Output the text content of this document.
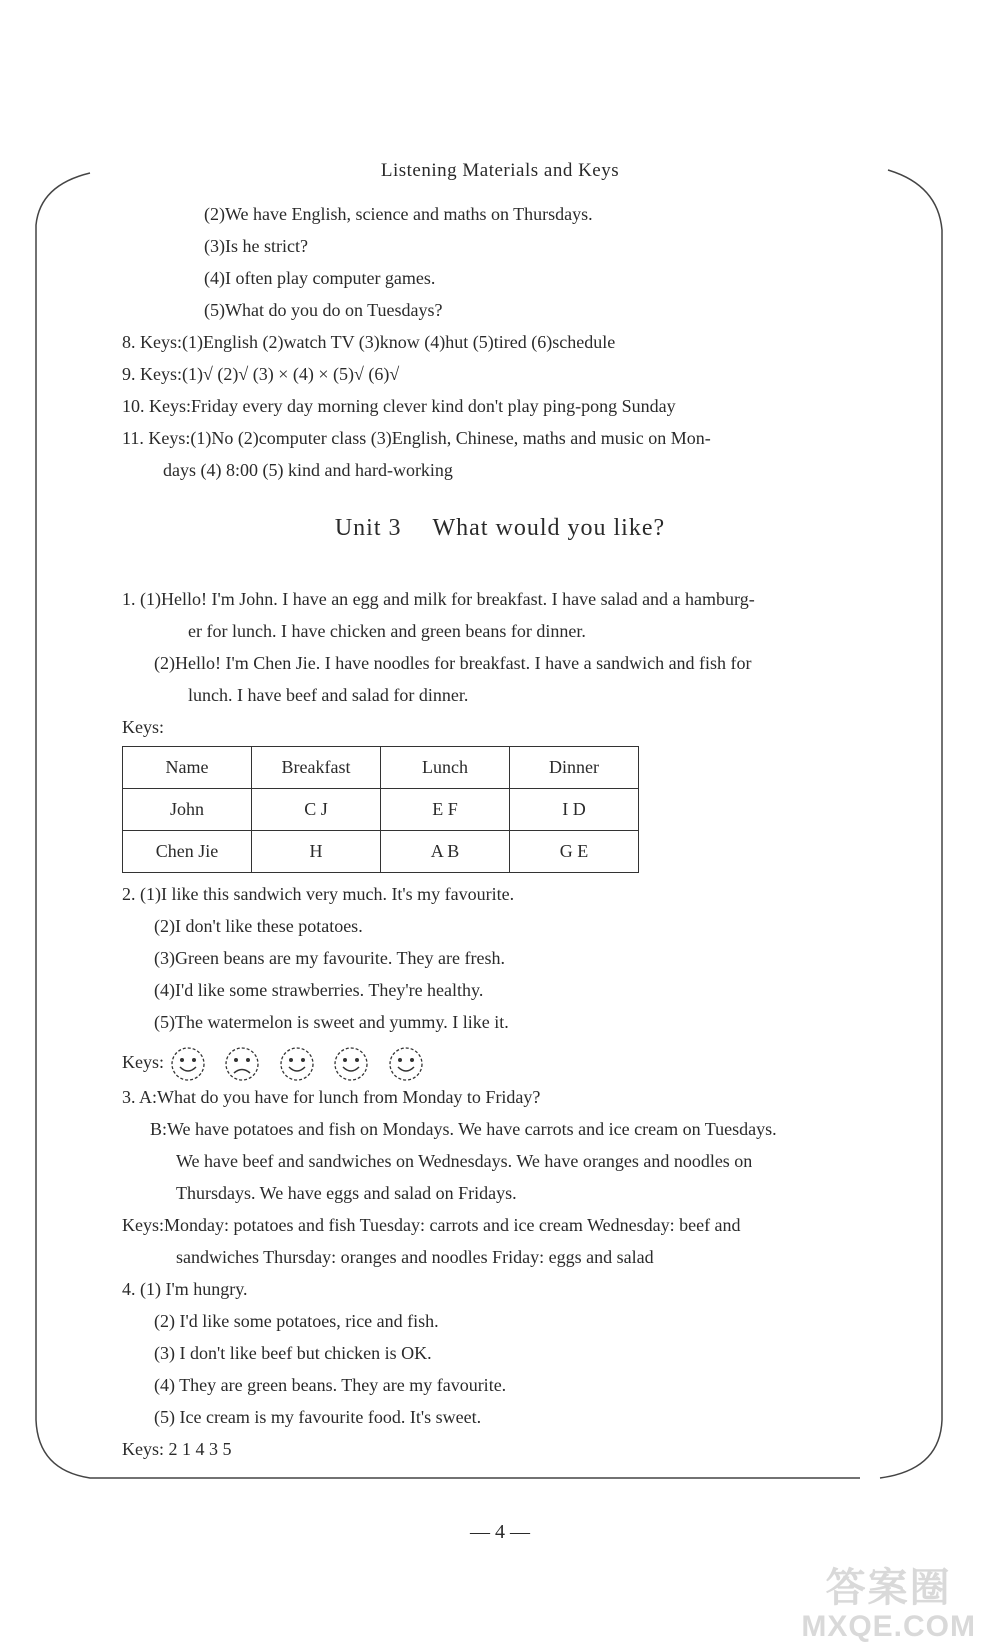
Listening Materials and Keys
(2)We have English, science and maths on Thursdays.
(3)Is he strict?
(4)I often play computer games.
(5)What do you do on Tuesdays?
8. Keys:(1)English (2)watch TV (3)know (4)hut (5)tired (6)schedule
9. Keys:(1)√ (2)√ (3) × (4) × (5)√ (6)√
10. Keys:Friday every day morning clever kind don't play ping-pong Sunday
11. Keys:(1)No (2)computer class (3)English, Chinese, maths and music on Mon-
days (4) 8:00 (5) kind and hard-working
Unit 3 What would you like?
1. (1)Hello! I'm John. I have an egg and milk for breakfast. I have salad and a hamburg-
er for lunch. I have chicken and green beans for dinner.
(2)Hello! I'm Chen Jie. I have noodles for breakfast. I have a sandwich and fish for
lunch. I have beef and salad for dinner.
Keys:
Name	Breakfast	Lunch	Dinner
John	C J	E F	I D
Chen Jie	H	A B	G E
2. (1)I like this sandwich very much. It's my favourite.
(2)I don't like these potatoes.
(3)Green beans are my favourite. They are fresh.
(4)I'd like some strawberries. They're healthy.
(5)The watermelon is sweet and yummy. I like it.
Keys:
3. A:What do you have for lunch from Monday to Friday?
B:We have potatoes and fish on Mondays. We have carrots and ice cream on Tuesdays.
We have beef and sandwiches on Wednesdays. We have oranges and noodles on
Thursdays. We have eggs and salad on Fridays.
Keys:Monday: potatoes and fish Tuesday: carrots and ice cream Wednesday: beef and
sandwiches Thursday: oranges and noodles Friday: eggs and salad
4. (1) I'm hungry.
(2) I'd like some potatoes, rice and fish.
(3) I don't like beef but chicken is OK.
(4) They are green beans. They are my favourite.
(5) Ice cream is my favourite food. It's sweet.
Keys: 2 1 4 3 5
— 4 —
答案圈
MXQE.COM
